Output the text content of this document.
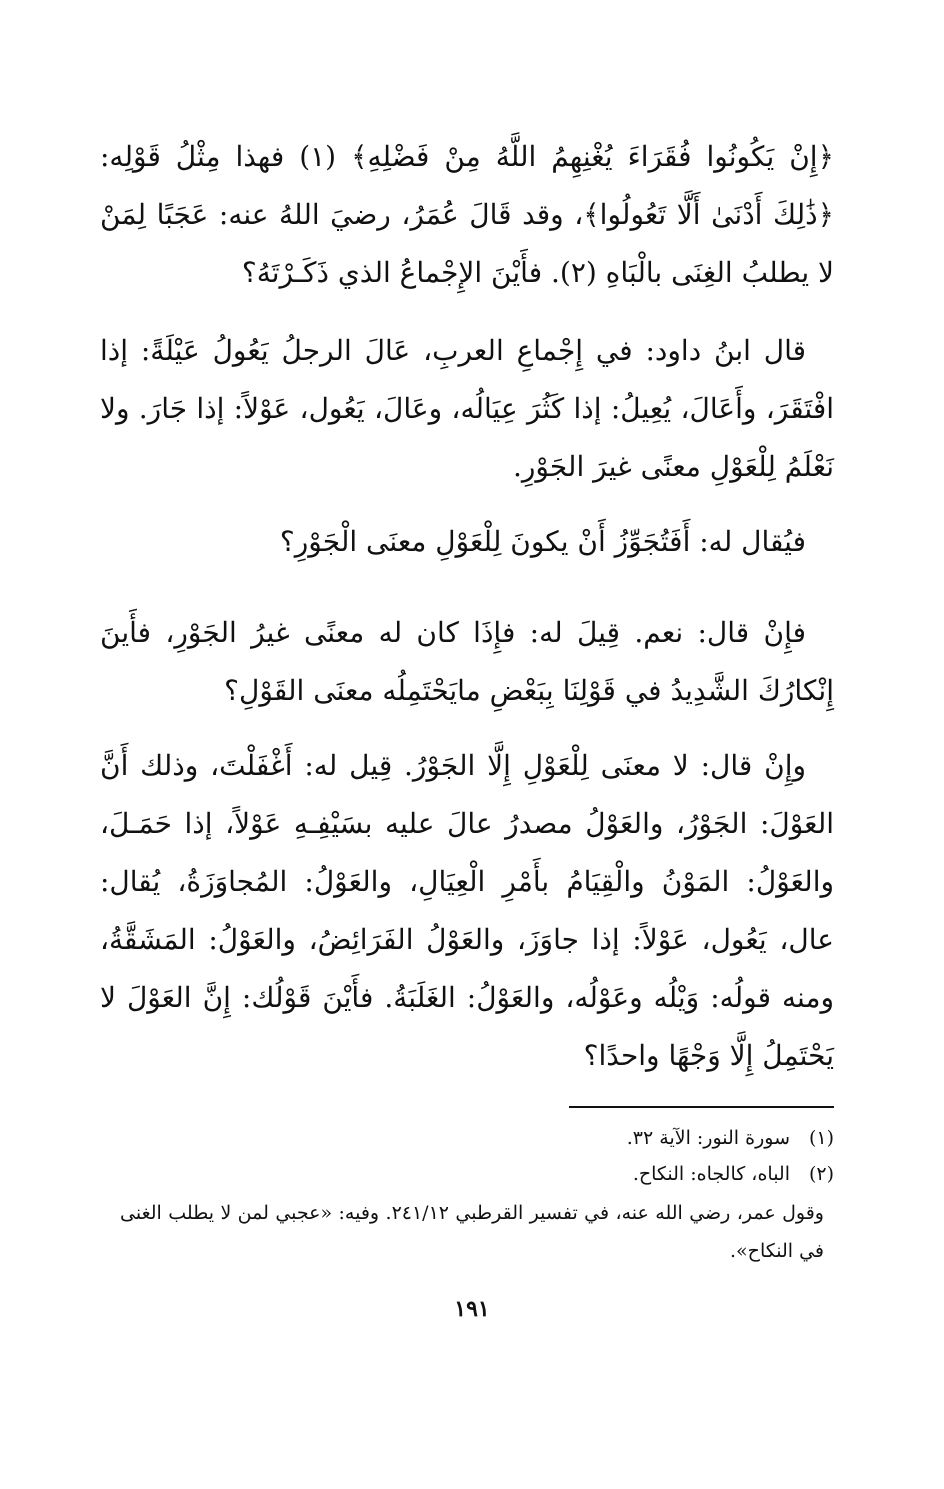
﴿إِنْ يَكُونُوا فُقَرَاءَ يُغْنِهِمُ اللَّهُ مِنْ فَضْلِهِ﴾ (١) فهذا مِثْلُ قَوْلِه: ﴿ذَٰلِكَ أَدْنَىٰ أَلَّا تَعُولُوا﴾، وقد قَالَ عُمَرُ، رضيَ اللهُ عنه: عَجَبًا لِمَنْ لا يطلبُ الغِنَى بالْبَاهِ (٢). فأَيْنَ الإِجْماعُ الذي ذَكَـرْتَهُ؟

قال ابنُ داود: في إِجْماعِ العربِ، عَالَ الرجلُ يَعُولُ عَيْلَةً: إذا افْتَقَرَ، وأَعَالَ، يُعِيلُ: إذا كَثُرَ عِيَالُه، وعَالَ، يَعُول، عَوْلاً: إذا جَارَ. ولا نَعْلَمُ لِلْعَوْلِ معنًى غيرَ الجَوْرِ.

فيُقال له: أَفَتُجَوِّزُ أَنْ يكونَ لِلْعَوْلِ معنَى الْجَوْرِ؟

فإِنْ قال: نعم. قِيلَ له: فإِذَا كان له معنًى غيرُ الجَوْرِ، فأَينَ إِنْكارُكَ الشَّدِيدُ في قَوْلِنَا بِبَعْضِ مايَحْتَمِلُه معنَى القَوْلِ؟

وإِنْ قال: لا معنَى لِلْعَوْلِ إِلَّا الجَوْرُ. قِيل له: أَغْفَلْتَ، وذلك أَنَّ العَوْلَ: الجَوْرُ، والعَوْلُ مصدرُ عالَ عليه بسَيْفِـهِ عَوْلاً، إذا حَمَـلَ، والعَوْلُ: المَوْنُ والْقِيَامُ بأَمْرِ الْعِيَالِ، والعَوْلُ: المُجاوَزَةُ، يُقال: عال، يَعُول، عَوْلاً: إذا جاوَزَ، والعَوْلُ الفَرَائِضُ، والعَوْلُ: المَشَقَّةُ، ومنه قولُه: وَيْلُه وعَوْلُه، والعَوْلُ: الغَلَبَةُ. فأَيْنَ قَوْلُك: إِنَّ العَوْلَ لا يَحْتَمِلُ إِلَّا وَجْهًا واحدًا؟

(١)سورة النور: الآية ٣٢.
(٢)الباه، كالجاه: النكاح.
وقول عمر، رضي الله عنه، في تفسير القرطبي ٢٤١/١٢. وفيه: «عجبي لمن لا يطلب الغنى في النكاح».
١٩١
